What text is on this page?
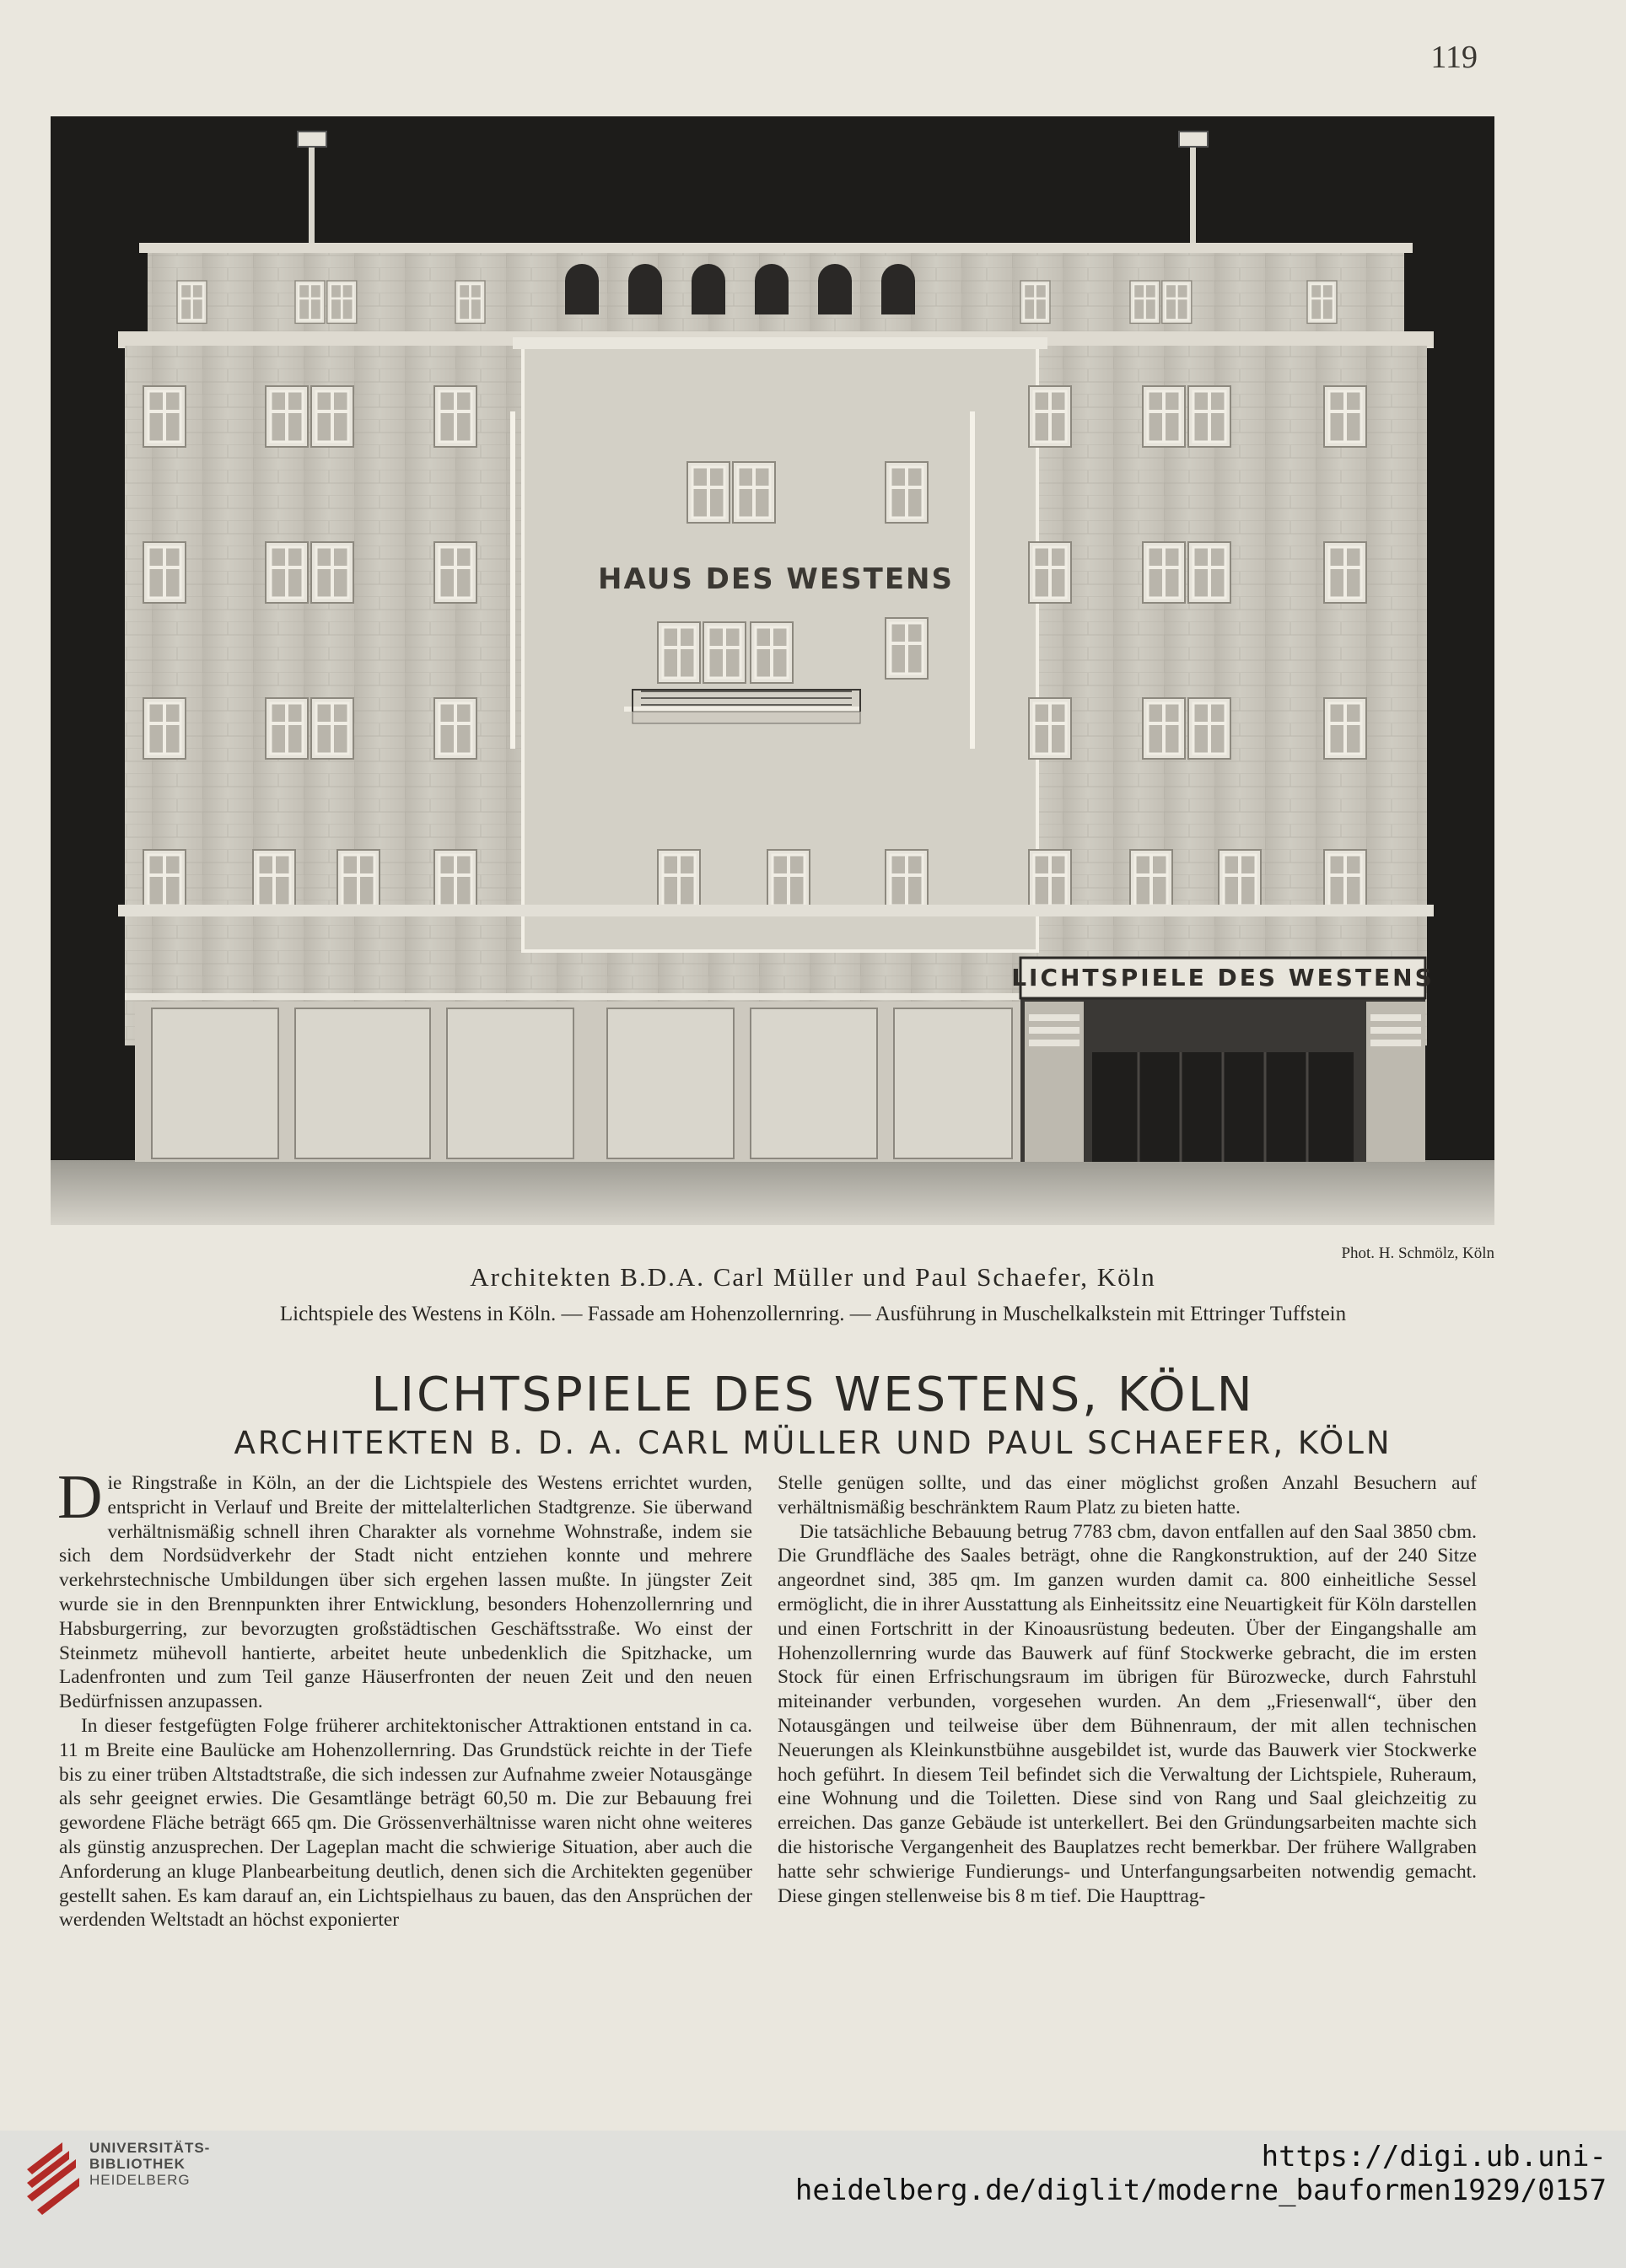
119
HAUS DES WESTENS
LICHTSPIELE DES WESTENS
Phot. H. Schmölz, Köln
Architekten B.D.A. Carl Müller und Paul Schaefer, Köln
Lichtspiele des Westens in Köln. — Fassade am Hohenzollernring. — Ausführung in Muschelkalkstein mit Ettringer Tuffstein
LICHTSPIELE DES WESTENS, KÖLN
ARCHITEKTEN B. D. A. CARL MÜLLER UND PAUL SCHAEFER, KÖLN

D ie Ringstraße in Köln, an der die Lichtspiele des Westens errichtet wurden, entspricht in Verlauf und Breite der mittelalterlichen Stadtgrenze. Sie überwand verhältnismäßig schnell ihren Charakter als vornehme Wohnstraße, indem sie sich dem Nordsüdverkehr der Stadt nicht entziehen konnte und mehrere verkehrstechnische Umbildungen über sich ergehen lassen mußte. In jüngster Zeit wurde sie in den Brennpunkten ihrer Entwicklung, besonders Hohenzollernring und Habsburgerring, zur bevorzugten großstädtischen Geschäftsstraße. Wo einst der Steinmetz mühevoll hantierte, arbeitet heute unbedenklich die Spitzhacke, um Ladenfronten und zum Teil ganze Häuserfronten der neuen Zeit und den neuen Bedürfnissen anzupassen.

In dieser festgefügten Folge früherer architektonischer Attraktionen entstand in ca. 11 m Breite eine Baulücke am Hohenzollernring. Das Grundstück reichte in der Tiefe bis zu einer trüben Altstadtstraße, die sich indessen zur Aufnahme zweier Notausgänge als sehr geeignet erwies. Die Gesamtlänge beträgt 60,50 m. Die zur Bebauung frei gewordene Fläche beträgt 665 qm. Die Grössenverhältnisse waren nicht ohne weiteres als günstig anzusprechen. Der Lageplan macht die schwierige Situation, aber auch die Anforderung an kluge Planbearbeitung deutlich, denen sich die Architekten gegenüber gestellt sahen. Es kam darauf an, ein Lichtspielhaus zu bauen, das den Ansprüchen der werdenden Weltstadt an höchst exponierter

Stelle genügen sollte, und das einer möglichst großen Anzahl Besuchern auf verhältnismäßig beschränktem Raum Platz zu bieten hatte.

Die tatsächliche Bebauung betrug 7783 cbm, davon entfallen auf den Saal 3850 cbm. Die Grundfläche des Saales beträgt, ohne die Rangkonstruktion, auf der 240 Sitze angeordnet sind, 385 qm. Im ganzen wurden damit ca. 800 einheitliche Sessel ermöglicht, die in ihrer Ausstattung als Einheitssitz eine Neuartigkeit für Köln darstellen und einen Fortschritt in der Kinoausrüstung bedeuten. Über der Eingangshalle am Hohenzollernring wurde das Bauwerk auf fünf Stockwerke gebracht, die im ersten Stock für einen Erfrischungsraum im übrigen für Bürozwecke, durch Fahrstuhl miteinander verbunden, vorgesehen wurden. An dem „Friesenwall“, über den Notausgängen und teilweise über dem Bühnenraum, der mit allen technischen Neuerungen als Kleinkunstbühne ausgebildet ist, wurde das Bauwerk vier Stockwerke hoch geführt. In diesem Teil befindet sich die Verwaltung der Lichtspiele, Ruheraum, eine Wohnung und die Toiletten. Diese sind von Rang und Saal gleichzeitig zu erreichen. Das ganze Gebäude ist unterkellert. Bei den Gründungsarbeiten machte sich die historische Vergangenheit des Bauplatzes recht bemerkbar. Der frühere Wallgraben hatte sehr schwierige Fundierungs- und Unterfangungsarbeiten notwendig gemacht. Diese gingen stellenweise bis 8 m tief. Die Haupttrag-

UNIVERSITÄTS-
BIBLIOTHEK
HEIDELBERG
https://digi.ub.uni-heidelberg.de/diglit/moderne_bauformen1929/0157
